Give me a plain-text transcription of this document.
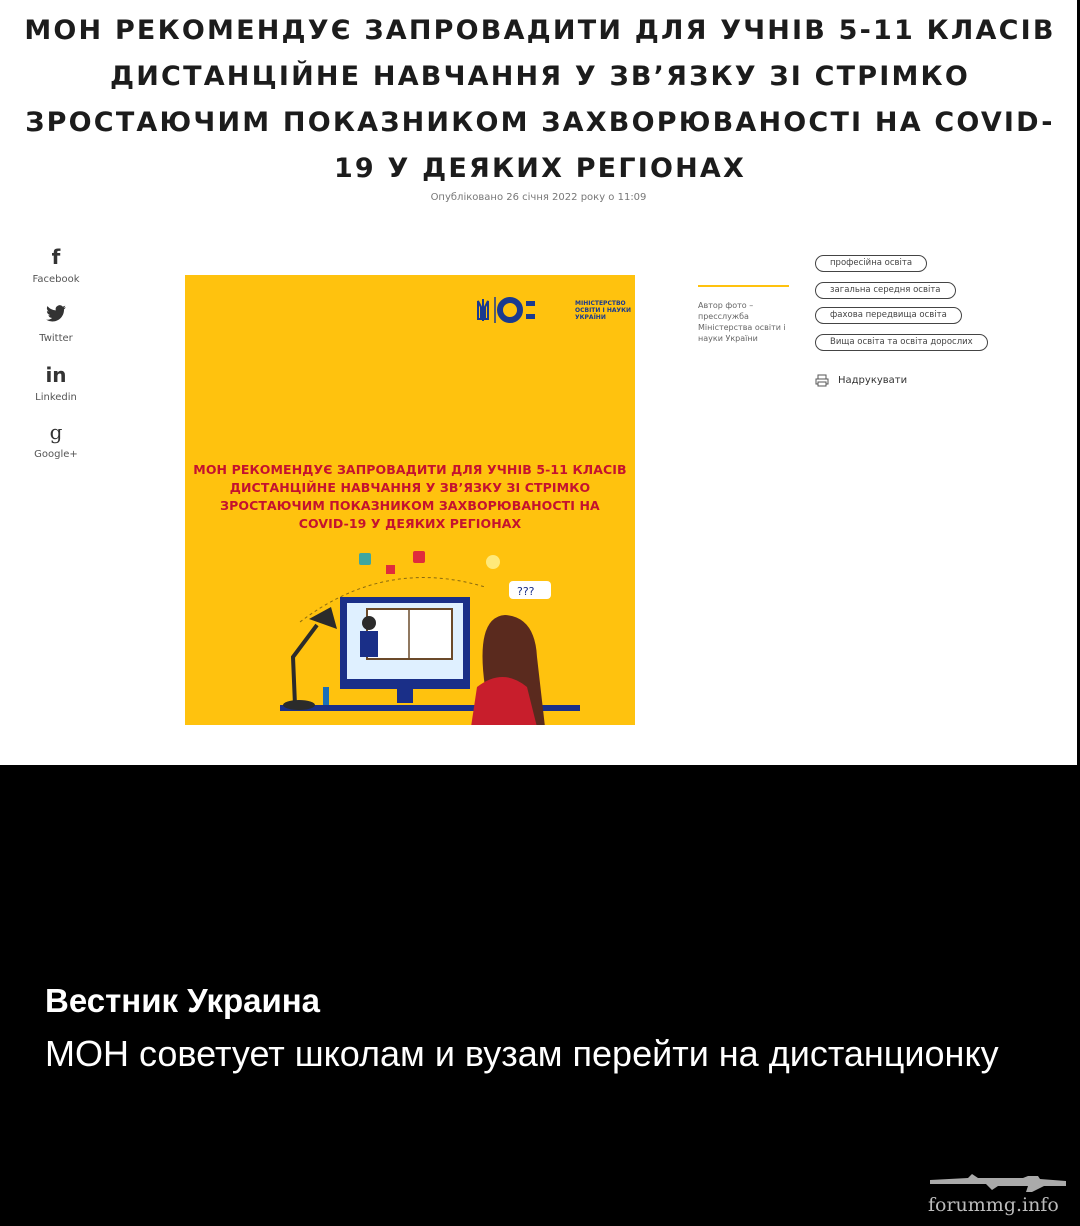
МОН РЕКОМЕНДУЄ ЗАПРОВАДИТИ ДЛЯ УЧНІВ 5-11 КЛАСІВ ДИСТАНЦІЙНЕ НАВЧАННЯ У ЗВ’ЯЗКУ ЗІ СТРІМКО ЗРОСТАЮЧИМ ПОКАЗНИКОМ ЗАХВОРЮВАНОСТІ НА COVID-19 У ДЕЯКИХ РЕГІОНАХ
Опубліковано 26 січня 2022 року о 11:09
f
Facebook
Twitter
in
Linkedin
g
Google+
МІНІСТЕРСТВО ОСВІТИ І НАУКИ УКРАЇНИ
МОН РЕКОМЕНДУЄ ЗАПРОВАДИТИ ДЛЯ УЧНІВ 5-11 КЛАСІВ ДИСТАНЦІЙНЕ НАВЧАННЯ У ЗВ’ЯЗКУ ЗІ СТРІМКО ЗРОСТАЮЧИМ ПОКАЗНИКОМ ЗАХВОРЮВАНОСТІ НА COVID-19 У ДЕЯКИХ РЕГІОНАХ
???
Автор фото – пресслужба Міністерства освіти і науки України
професійна освіта
загальна середня освіта
фахова передвища освіта
Вища освіта та освіта дорослих
Надрукувати
Вестник Украина
МОН советует школам и вузам перейти на дистанционку
forummg.info
